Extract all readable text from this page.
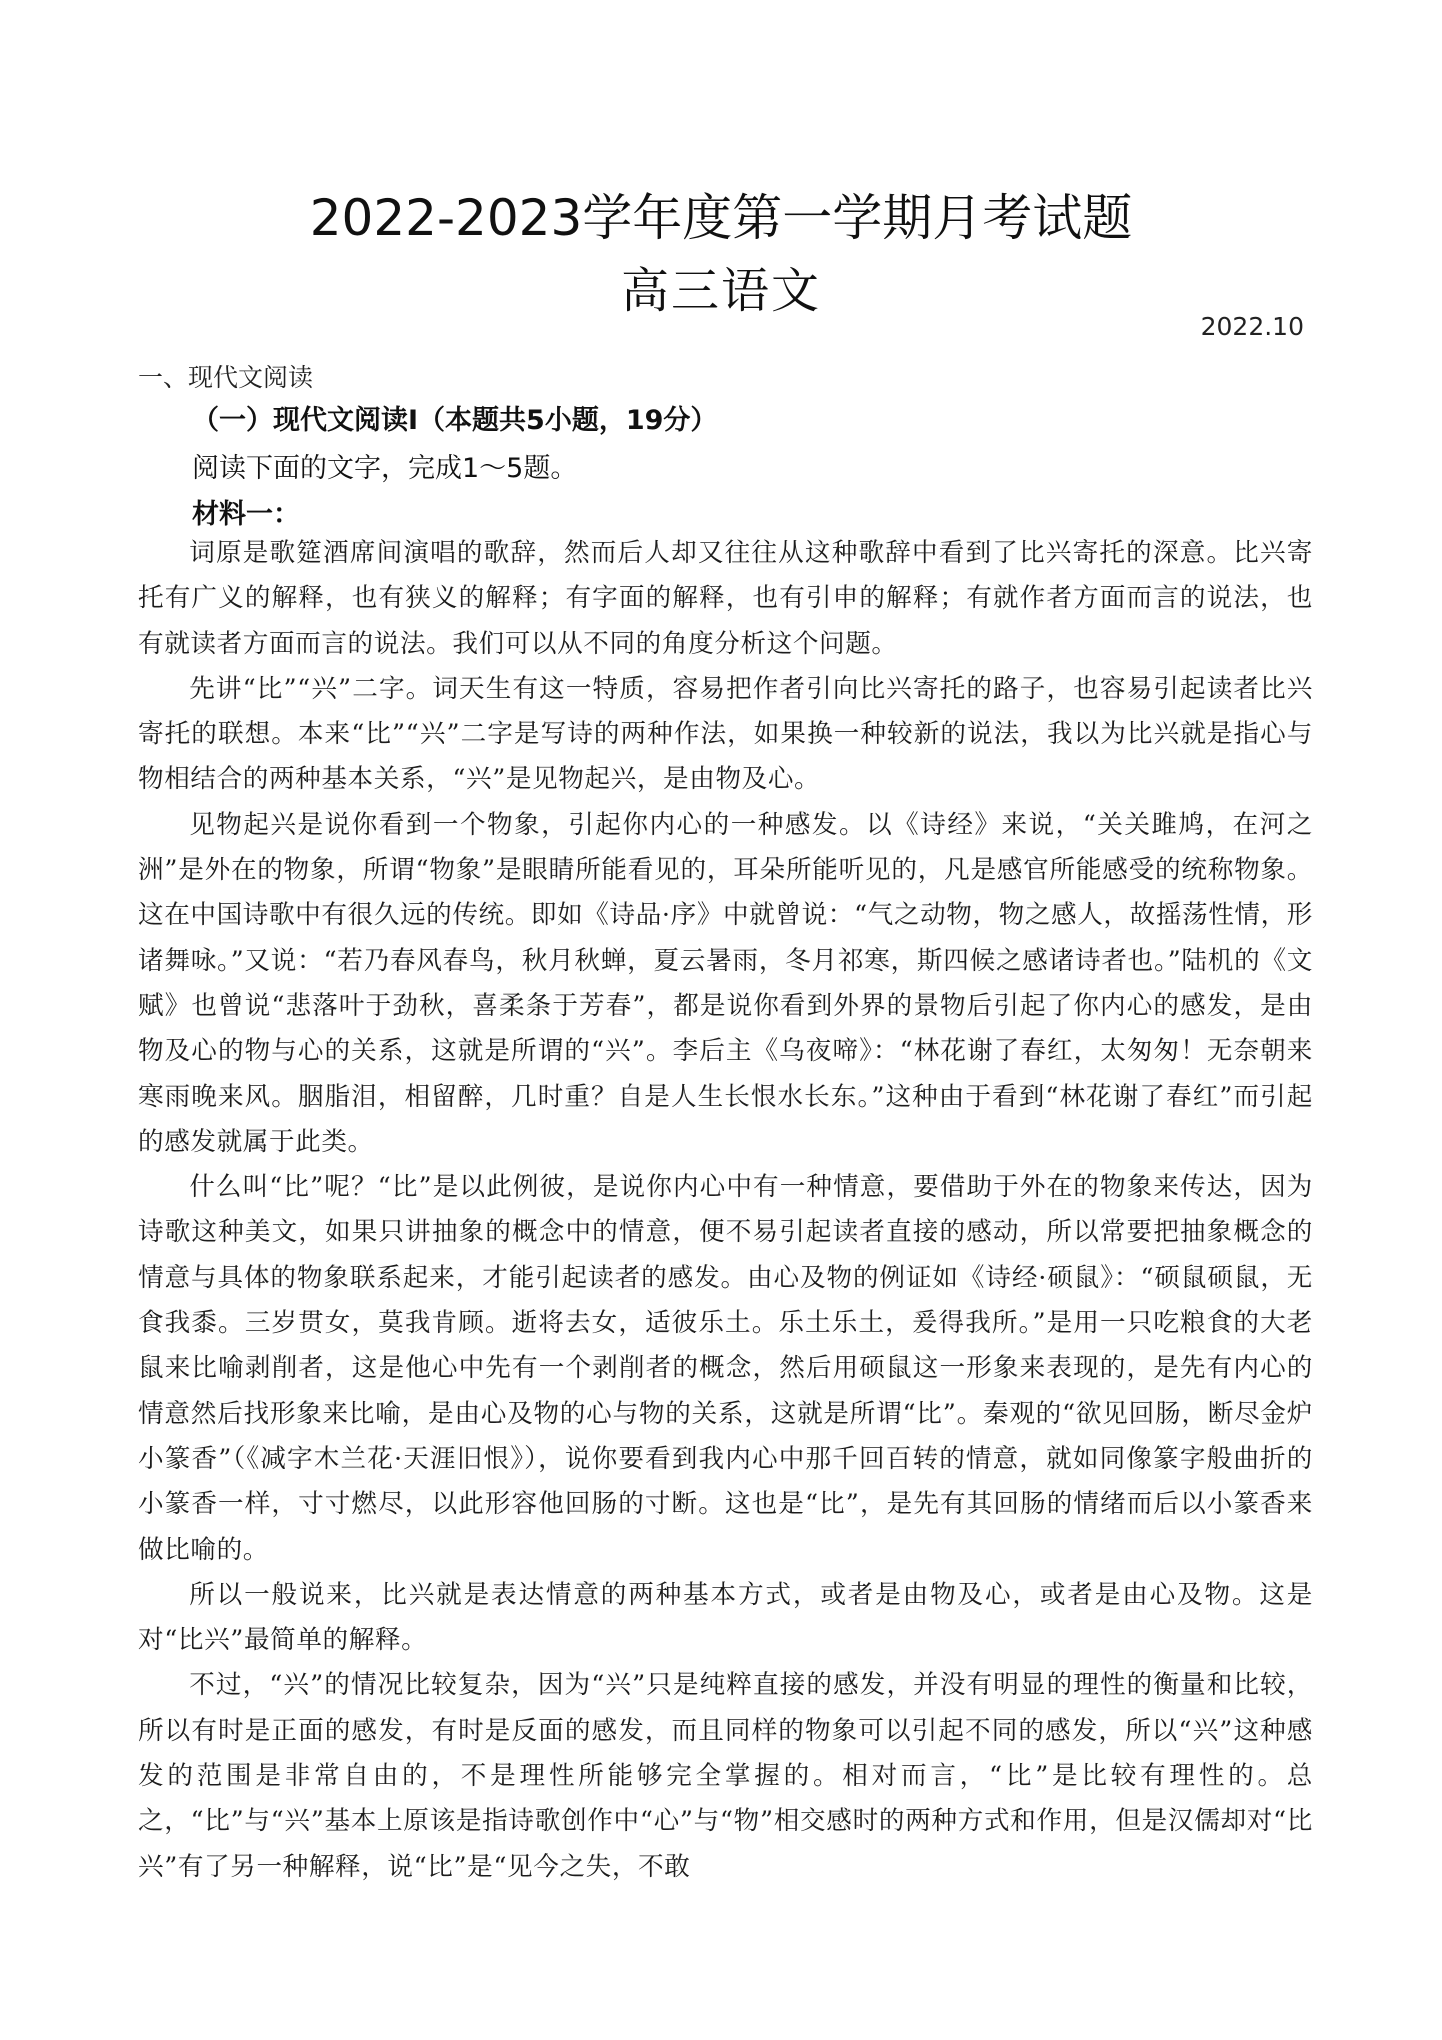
2022-2023学年度第一学期月考试题
高三语文
2022.10
一、现代文阅读
（一）现代文阅读Ⅰ（本题共5小题，19分）
阅读下面的文字，完成1～5题。
材料一：

词原是歌筵酒席间演唱的歌辞，然而后人却又往往从这种歌辞中看到了比兴寄托的深意。比兴寄托有广义的解释，也有狭义的解释；有字面的解释，也有引申的解释；有就作者方面而言的说法，也有就读者方面而言的说法。我们可以从不同的角度分析这个问题。

先讲“比”“兴”二字。词天生有这一特质，容易把作者引向比兴寄托的路子，也容易引起读者比兴寄托的联想。本来“比”“兴”二字是写诗的两种作法，如果换一种较新的说法，我以为比兴就是指心与物相结合的两种基本关系，“兴”是见物起兴，是由物及心。

见物起兴是说你看到一个物象，引起你内心的一种感发。以《诗经》来说，“关关雎鸠，在河之洲”是外在的物象，所谓“物象”是眼睛所能看见的，耳朵所能听见的，凡是感官所能感受的统称物象。这在中国诗歌中有很久远的传统。即如《诗品·序》中就曾说：“气之动物，物之感人，故摇荡性情，形诸舞咏。”又说：“若乃春风春鸟，秋月秋蝉，夏云暑雨，冬月祁寒，斯四候之感诸诗者也。”陆机的《文赋》也曾说“悲落叶于劲秋，喜柔条于芳春”，都是说你看到外界的景物后引起了你内心的感发，是由物及心的物与心的关系，这就是所谓的“兴”。李后主《乌夜啼》：“林花谢了春红，太匆匆！无奈朝来寒雨晚来风。胭脂泪，相留醉，几时重？自是人生长恨水长东。”这种由于看到“林花谢了春红”而引起的感发就属于此类。

什么叫“比”呢？“比”是以此例彼，是说你内心中有一种情意，要借助于外在的物象来传达，因为诗歌这种美文，如果只讲抽象的概念中的情意，便不易引起读者直接的感动，所以常要把抽象概念的情意与具体的物象联系起来，才能引起读者的感发。由心及物的例证如《诗经·硕鼠》：“硕鼠硕鼠，无食我黍。三岁贯女，莫我肯顾。逝将去女，适彼乐土。乐土乐土，爰得我所。”是用一只吃粮食的大老鼠来比喻剥削者，这是他心中先有一个剥削者的概念，然后用硕鼠这一形象来表现的，是先有内心的情意然后找形象来比喻，是由心及物的心与物的关系，这就是所谓“比”。秦观的“欲见回肠，断尽金炉小篆香”（《减字木兰花·天涯旧恨》），说你要看到我内心中那千回百转的情意，就如同像篆字般曲折的小篆香一样，寸寸燃尽，以此形容他回肠的寸断。这也是“比”，是先有其回肠的情绪而后以小篆香来做比喻的。

所以一般说来，比兴就是表达情意的两种基本方式，或者是由物及心，或者是由心及物。这是对“比兴”最简单的解释。

不过，“兴”的情况比较复杂，因为“兴”只是纯粹直接的感发，并没有明显的理性的衡量和比较，所以有时是正面的感发，有时是反面的感发，而且同样的物象可以引起不同的感发，所以“兴”这种感发的范围是非常自由的，不是理性所能够完全掌握的。相对而言，“比”是比较有理性的。总之，“比”与“兴”基本上原该是指诗歌创作中“心”与“物”相交感时的两种方式和作用，但是汉儒却对“比兴”有了另一种解释，说“比”是“见今之失，不敢
